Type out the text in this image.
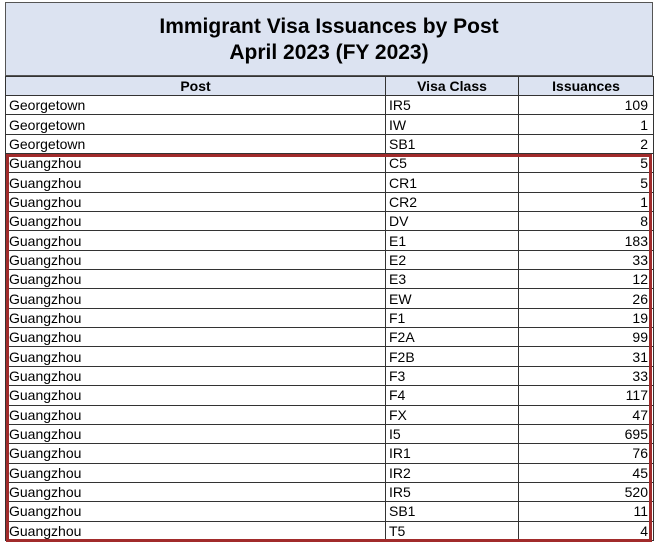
Immigrant Visa Issuances by Post
April 2023 (FY 2023)
Post	Visa Class	Issuances
Georgetown	IR5	109
Georgetown	IW	1
Georgetown	SB1	2
Guangzhou	C5	5
Guangzhou	CR1	5
Guangzhou	CR2	1
Guangzhou	DV	8
Guangzhou	E1	183
Guangzhou	E2	33
Guangzhou	E3	12
Guangzhou	EW	26
Guangzhou	F1	19
Guangzhou	F2A	99
Guangzhou	F2B	31
Guangzhou	F3	33
Guangzhou	F4	117
Guangzhou	FX	47
Guangzhou	I5	695
Guangzhou	IR1	76
Guangzhou	IR2	45
Guangzhou	IR5	520
Guangzhou	SB1	11
Guangzhou	T5	4
